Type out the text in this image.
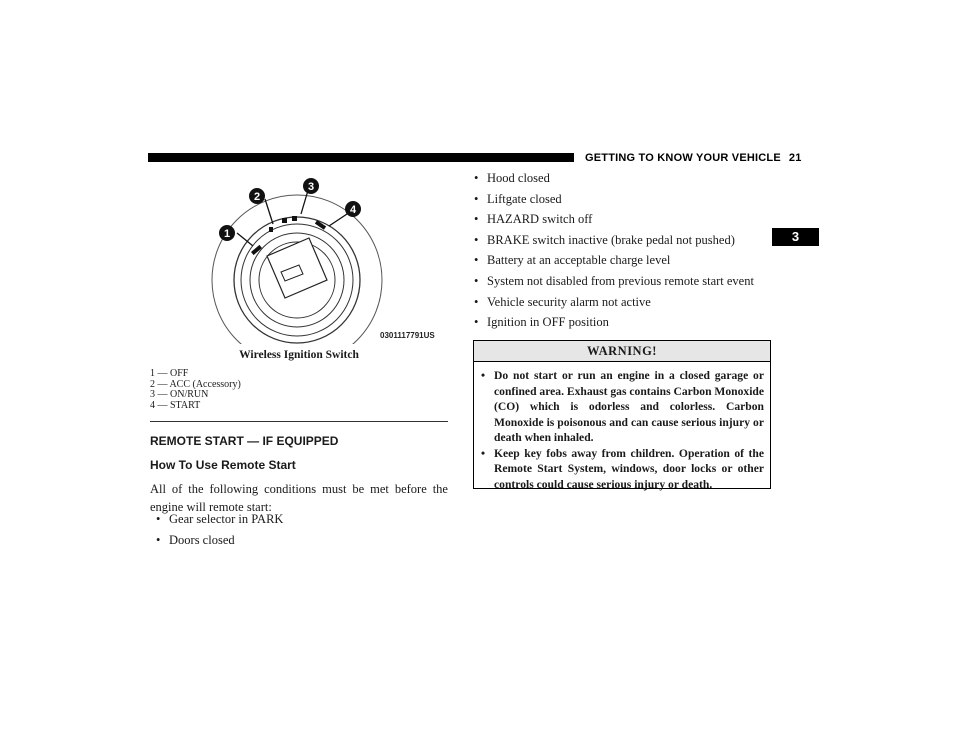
GETTING TO KNOW YOUR VEHICLE 21
3
1
2
3
4
0301117791US
Wireless Ignition Switch
1 — OFF
2 — ACC (Accessory)
3 — ON/RUN
4 — START
REMOTE START — IF EQUIPPED
How To Use Remote Start
All of the following conditions must be met before the engine will remote start:
• Gear selector in PARK
• Doors closed
• Hood closed
• Liftgate closed
• HAZARD switch off
• BRAKE switch inactive (brake pedal not pushed)
• Battery at an acceptable charge level
• System not disabled from previous remote start event
• Vehicle security alarm not active
• Ignition in OFF position
WARNING!
• Do not start or run an engine in a closed garage or confined area. Exhaust gas contains Carbon Monoxide (CO) which is odorless and colorless. Carbon Monoxide is poisonous and can cause serious injury or death when inhaled.
• Keep key fobs away from children. Operation of the Remote Start System, windows, door locks or other controls could cause serious injury or death.
